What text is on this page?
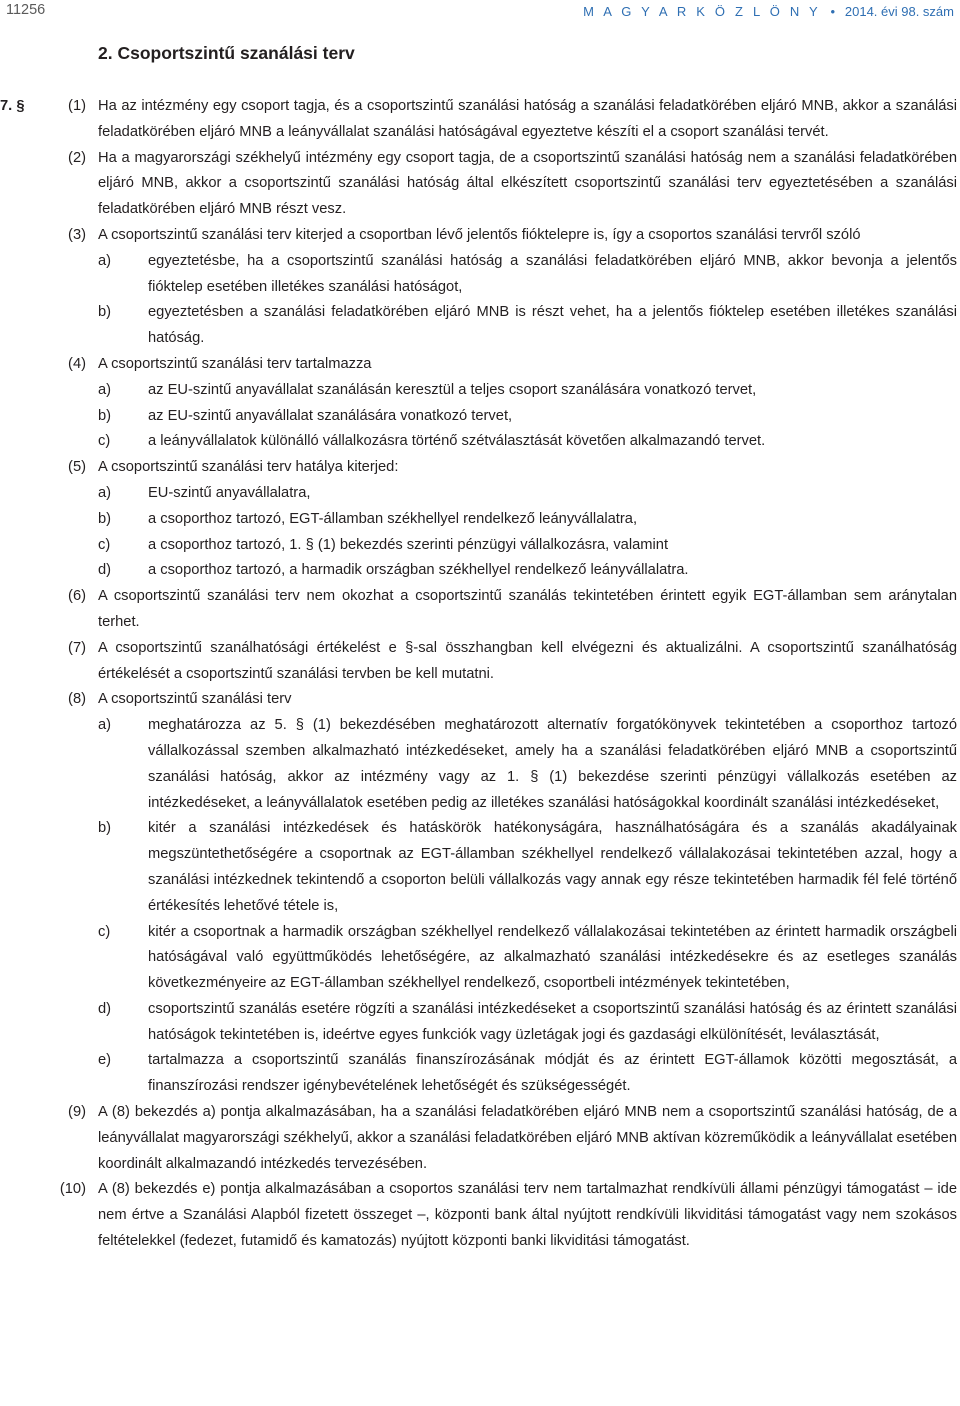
11256	M A G Y A R K Ö Z L Ö N Y • 2014. évi 98. szám
2. Csoportszintű szanálási terv
7. §	(1) Ha az intézmény egy csoport tagja, és a csoportszintű szanálási hatóság a szanálási feladatkörében eljáró MNB, akkor a szanálási feladatkörében eljáró MNB a leányvállalat szanálási hatóságával egyeztetve készíti el a csoport szanálási tervét.
(2) Ha a magyarországi székhelyű intézmény egy csoport tagja, de a csoportszintű szanálási hatóság nem a szanálási feladatkörében eljáró MNB, akkor a csoportszintű szanálási hatóság által elkészített csoportszintű szanálási terv egyeztetésében a szanálási feladatkörében eljáró MNB részt vesz.
(3) A csoportszintű szanálási terv kiterjed a csoportban lévő jelentős fióktelepre is, így a csoportos szanálási tervről szóló
a)	egyeztetésbe, ha a csoportszintű szanálási hatóság a szanálási feladatkörében eljáró MNB, akkor bevonja a jelentős fióktelep esetében illetékes szanálási hatóságot,
b)	egyeztetésben a szanálási feladatkörében eljáró MNB is részt vehet, ha a jelentős fióktelep esetében illetékes szanálási hatóság.
(4) A csoportszintű szanálási terv tartalmazza
a)	az EU-szintű anyavállalat szanálásán keresztül a teljes csoport szanálására vonatkozó tervet,
b)	az EU-szintű anyavállalat szanálására vonatkozó tervet,
c)	a leányvállalatok különálló vállalkozásra történő szétválasztását követően alkalmazandó tervet.
(5) A csoportszintű szanálási terv hatálya kiterjed:
a)	EU-szintű anyavállalatra,
b)	a csoporthoz tartozó, EGT-államban székhellyel rendelkező leányvállalatra,
c)	a csoporthoz tartozó, 1. § (1) bekezdés szerinti pénzügyi vállalkozásra, valamint
d)	a csoporthoz tartozó, a harmadik országban székhellyel rendelkező leányvállalatra.
(6) A csoportszintű szanálási terv nem okozhat a csoportszintű szanálás tekintetében érintett egyik EGT-államban sem aránytalan terhet.
(7) A csoportszintű szanálhatósági értékelést e §-sal összhangban kell elvégezni és aktualizálni. A csoportszintű szanálhatóság értékelését a csoportszintű szanálási tervben be kell mutatni.
(8) A csoportszintű szanálási terv
a)	meghatározza az 5. § (1) bekezdésében meghatározott alternatív forgatókönyvek tekintetében a csoporthoz tartozó vállalkozással szemben alkalmazható intézkedéseket, amely ha a szanálási feladatkörében eljáró MNB a csoportszintű szanálási hatóság, akkor az intézmény vagy az 1. § (1) bekezdése szerinti pénzügyi vállalkozás esetében az intézkedéseket, a leányvállalatok esetében pedig az illetékes szanálási hatóságokkal koordinált szanálási intézkedéseket,
b)	kitér a szanálási intézkedések és hatáskörök hatékonyságára, használhatóságára és a szanálás akadályainak megszüntethetőségére a csoportnak az EGT-államban székhellyel rendelkező vállalakozásai tekintetében azzal, hogy a szanálási intézkednek tekintendő a csoporton belüli vállalkozás vagy annak egy része tekintetében harmadik fél felé történő értékesítés lehetővé tétele is,
c)	kitér a csoportnak a harmadik országban székhellyel rendelkező vállalakozásai tekintetében az érintett harmadik országbeli hatóságával való együttműködés lehetőségére, az alkalmazható szanálási intézkedésekre és az esetleges szanálás következményeire az EGT-államban székhellyel rendelkező, csoportbeli intézmények tekintetében,
d)	csoportszintű szanálás esetére rögzíti a szanálási intézkedéseket a csoportszintű szanálási hatóság és az érintett szanálási hatóságok tekintetében is, ideértve egyes funkciók vagy üzletágak jogi és gazdasági elkülönítését, leválasztását,
e)	tartalmazza a csoportszintű szanálás finanszírozásának módját és az érintett EGT-államok közötti megosztását, a finanszírozási rendszer igénybevételének lehetőségét és szükségességét.
(9) A (8) bekezdés a) pontja alkalmazásában, ha a szanálási feladatkörében eljáró MNB nem a csoportszintű szanálási hatóság, de a leányvállalat magyarországi székhelyű, akkor a szanálási feladatkörében eljáró MNB aktívan közreműködik a leányvállalat esetében koordinált alkalmazandó intézkedés tervezésében.
(10) A (8) bekezdés e) pontja alkalmazásában a csoportos szanálási terv nem tartalmazhat rendkívüli állami pénzügyi támogatást – ide nem értve a Szanálási Alapból fizetett összeget –, központi bank által nyújtott rendkívüli likviditási támogatást vagy nem szokásos feltételekkel (fedezet, futamidő és kamatozás) nyújtott központi banki likviditási támogatást.
